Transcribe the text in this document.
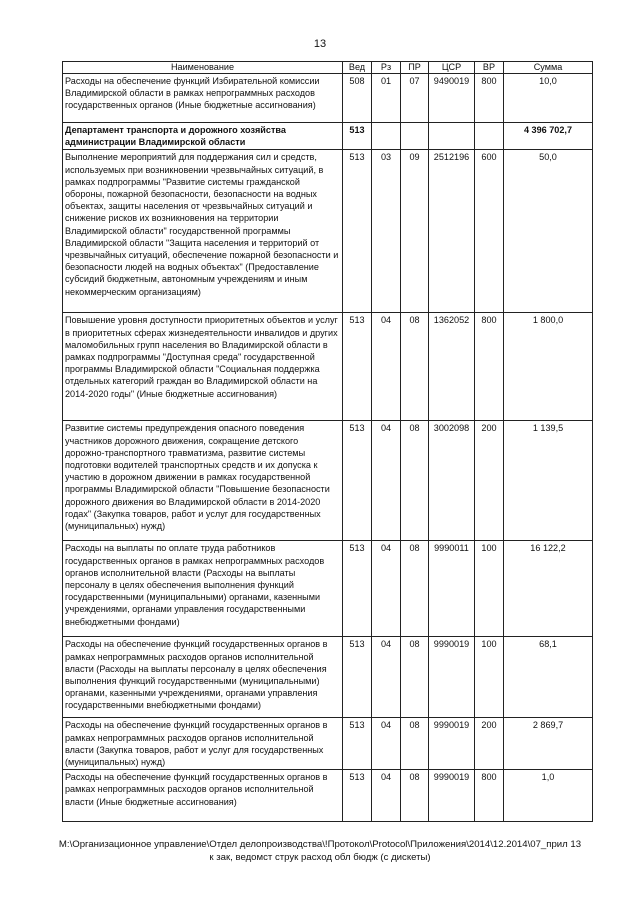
13
Наименование	Вед	Рз	ПР	ЦСР	ВР	Сумма
Расходы на обеспечение функций Избирательной комиссии Владимирской области в рамках непрограммных расходов государственных органов (Иные бюджетные ассигнования)	508	01	07	9490019	800	10,0
Департамент транспорта и дорожного хозяйства администрации Владимирской области	513					4 396 702,7
Выполнение мероприятий для поддержания сил и средств, используемых при возникновении чрезвычайных ситуаций, в рамках подпрограммы "Развитие системы гражданской обороны, пожарной безопасности, безопасности на водных объектах, защиты населения от чрезвычайных ситуаций и снижение рисков их возникновения на территории Владимирской области" государственной программы Владимирской области "Защита населения и территорий от чрезвычайных ситуаций, обеспечение пожарной безопасности и безопасности людей на водных объектах" (Предоставление субсидий бюджетным, автономным учреждениям и иным некоммерческим организациям)	513	03	09	2512196	600	50,0
Повышение уровня доступности приоритетных объектов и услуг в приоритетных сферах жизнедеятельности инвалидов и других маломобильных групп населения во Владимирской области в рамках подпрограммы "Доступная среда" государственной программы Владимирской области "Социальная поддержка отдельных категорий граждан во Владимирской области на 2014-2020 годы" (Иные бюджетные ассигнования)	513	04	08	1362052	800	1 800,0
Развитие системы предупреждения опасного поведения участников дорожного движения, сокращение детского дорожно-транспортного травматизма, развитие системы подготовки водителей транспортных средств и их допуска к участию в дорожном движении в рамках государственной программы Владимирской области "Повышение безопасности дорожного движения во Владимирской области в 2014-2020 годах" (Закупка товаров, работ и услуг для государственных (муниципальных) нужд)	513	04	08	3002098	200	1 139,5
Расходы на выплаты по оплате труда работников государственных органов в рамках непрограммных расходов органов исполнительной власти (Расходы на выплаты персоналу в целях обеспечения выполнения функций государственными (муниципальными) органами, казенными учреждениями, органами управления государственными внебюджетными фондами)	513	04	08	9990011	100	16 122,2
Расходы на обеспечение функций государственных органов в рамках непрограммных расходов органов исполнительной власти (Расходы на выплаты персоналу в целях обеспечения выполнения функций государственными (муниципальными) органами, казенными учреждениями, органами управления государственными внебюджетными фондами)	513	04	08	9990019	100	68,1
Расходы на обеспечение функций государственных органов в рамках непрограммных расходов органов исполнительной власти (Закупка товаров, работ и услуг для государственных (муниципальных) нужд)	513	04	08	9990019	200	2 869,7
Расходы на обеспечение функций государственных органов в рамках непрограммных расходов органов исполнительной власти (Иные бюджетные ассигнования)	513	04	08	9990019	800	1,0
М:\Организационное управление\Отдел делопроизводства\!Протокол\Protocol\Приложения\2014\12.2014\07_прил 13
к зак, ведомст струк расход обл бюдж (с дискеты)
